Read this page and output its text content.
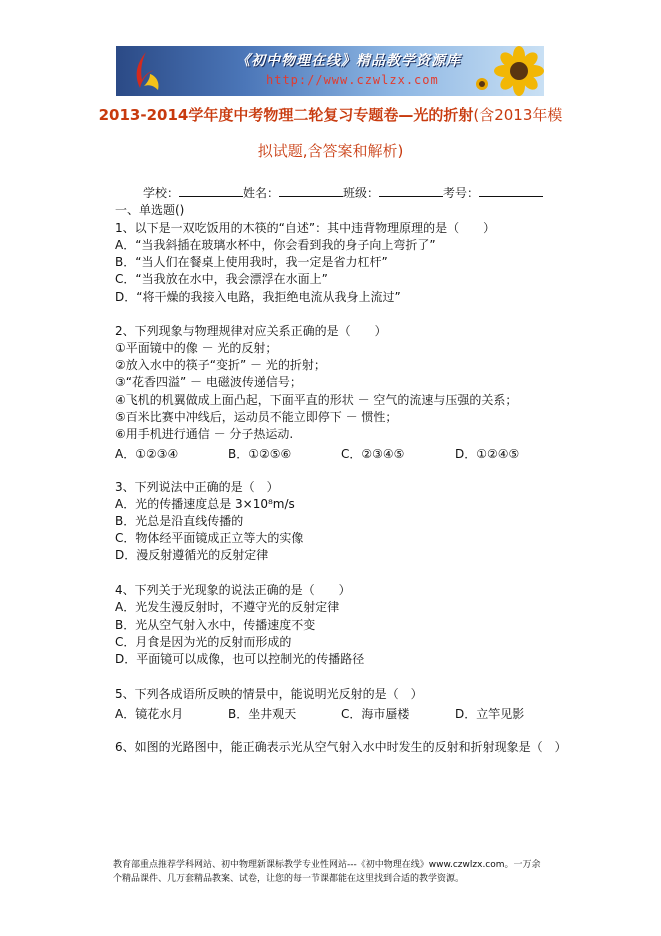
《初中物理在线》精品教学资源库
http://www.czwlzx.com
2013-2014学年度中考物理二轮复习专题卷—光的折射(含2013年模
拟试题,含答案和解析)
学校：	姓名：	班级：	考号：
一、单选题()
1、以下是一双吃饭用的木筷的“自述”：其中违背物理原理的是（　　）
A．“当我斜插在玻璃水杯中，你会看到我的身子向上弯折了”
B．“当人们在餐桌上使用我时，我一定是省力杠杆”
C．“当我放在水中，我会漂浮在水面上”
D．“将干燥的我接入电路，我拒绝电流从我身上流过”
2、下列现象与物理规律对应关系正确的是（　　）
①平面镜中的像 － 光的反射；
②放入水中的筷子“变折” － 光的折射；
③“花香四溢” － 电磁波传递信号；
④飞机的机翼做成上面凸起，下面平直的形状 － 空气的流速与压强的关系；
⑤百米比赛中冲线后，运动员不能立即停下 － 惯性；
⑥用手机进行通信 － 分子热运动.
A．①②③④	B．①②⑤⑥	C．②③④⑤	D．①②④⑤
3、下列说法中正确的是（　）
A．光的传播速度总是 3×10⁸m/s
B．光总是沿直线传播的
C．物体经平面镜成正立等大的实像
D．漫反射遵循光的反射定律
4、下列关于光现象的说法正确的是（　　）
A．光发生漫反射时，不遵守光的反射定律
B．光从空气射入水中，传播速度不变
C．月食是因为光的反射而形成的
D．平面镜可以成像，也可以控制光的传播路径
5、下列各成语所反映的情景中，能说明光反射的是（　）
A．镜花水月	B．坐井观天	C．海市蜃楼	D．立竿见影
6、如图的光路图中，能正确表示光从空气射入水中时发生的反射和折射现象是（　）
教育部重点推荐学科网站、初中物理新课标教学专业性网站---《初中物理在线》www.czwlzx.com。一万余
个精品课件、几万套精品教案、试卷，让您的每一节课都能在这里找到合适的教学资源。
